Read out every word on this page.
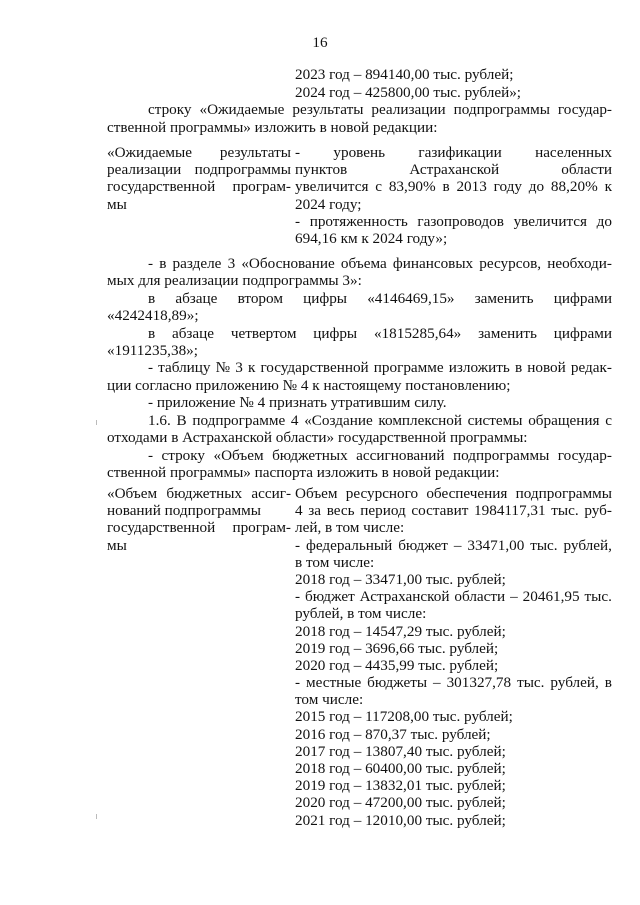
16
2023 год – 894140,00 тыс. рублей;
2024 год – 425800,00 тыс. рублей»;
строку «Ожидаемые результаты реализации подпрограммы государ-
ственной программы» изложить в новой редакции:
«Ожидаемые результаты
реализации подпрограммы
государственной програм-
мы
- уровень газификации населенных
пунктов	Астраханской	области
увеличится с 83,90% в 2013 году до 88,20% к
2024 году;
- протяженность газопроводов увеличится до
694,16 км к 2024 году»;
- в разделе 3 «Обоснование объема финансовых ресурсов, необходи-
мых для реализации подпрограммы 3»:
в абзаце втором цифры «4146469,15» заменить цифрами
«4242418,89»;
в абзаце четвертом цифры «1815285,64» заменить цифрами
«1911235,38»;
- таблицу № 3 к государственной программе изложить в новой редак-
ции согласно приложению № 4 к настоящему постановлению;
- приложение № 4 признать утратившим силу.
1.6. В подпрограмме 4 «Создание комплексной системы обращения с
отходами в Астраханской области» государственной программы:
- строку «Объем бюджетных ассигнований подпрограммы государ-
ственной программы» паспорта изложить в новой редакции:
«Объем бюджетных ассиг-
нований подпрограммы
государственной програм-
мы
Объем ресурсного обеспечения подпрограммы
4 за весь период составит 1984117,31 тыс. руб-
лей, в том числе:
- федеральный бюджет – 33471,00 тыс. рублей,
в том числе:
2018 год – 33471,00 тыс. рублей;
- бюджет Астраханской области – 20461,95 тыс.
рублей, в том числе:
2018 год – 14547,29 тыс. рублей;
2019 год – 3696,66 тыс. рублей;
2020 год – 4435,99 тыс. рублей;
- местные бюджеты – 301327,78 тыс. рублей, в
том числе:
2015 год – 117208,00 тыс. рублей;
2016 год – 870,37 тыс. рублей;
2017 год – 13807,40 тыс. рублей;
2018 год – 60400,00 тыс. рублей;
2019 год – 13832,01 тыс. рублей;
2020 год – 47200,00 тыс. рублей;
2021 год – 12010,00 тыс. рублей;
